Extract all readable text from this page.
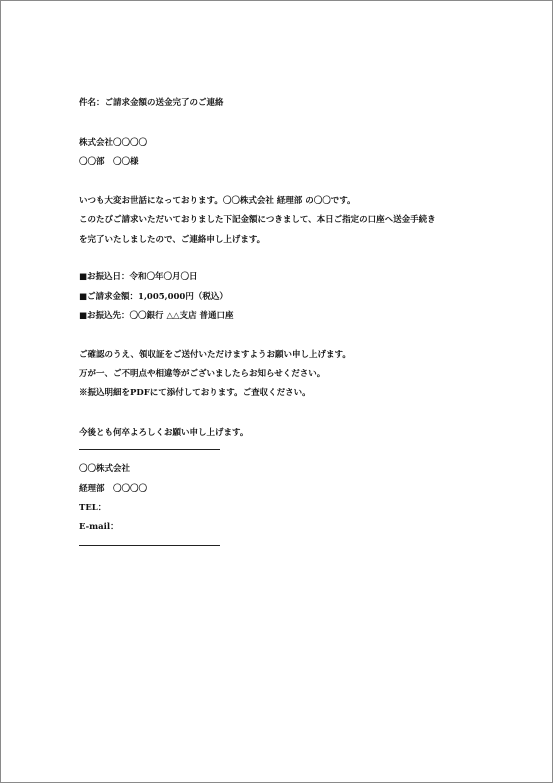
件名：ご請求金額の送金完了のご連絡
株式会社〇〇〇〇
〇〇部　〇〇様
いつも大変お世話になっております。〇〇株式会社 経理部 の〇〇です。
このたびご請求いただいておりました下記金額につきまして、本日ご指定の口座へ送金手続き
を完了いたしましたので、ご連絡申し上げます。
■お振込日：令和〇年〇月〇日
■ご請求金額：1,005,000円（税込）
■お振込先：〇〇銀行 △△支店 普通口座
ご確認のうえ、領収証をご送付いただけますようお願い申し上げます。
万が一、ご不明点や相違等がございましたらお知らせください。
※振込明細をPDFにて添付しております。ご査収ください。
今後とも何卒よろしくお願い申し上げます。
〇〇株式会社
経理部　〇〇〇〇
TEL：
E-mail：
